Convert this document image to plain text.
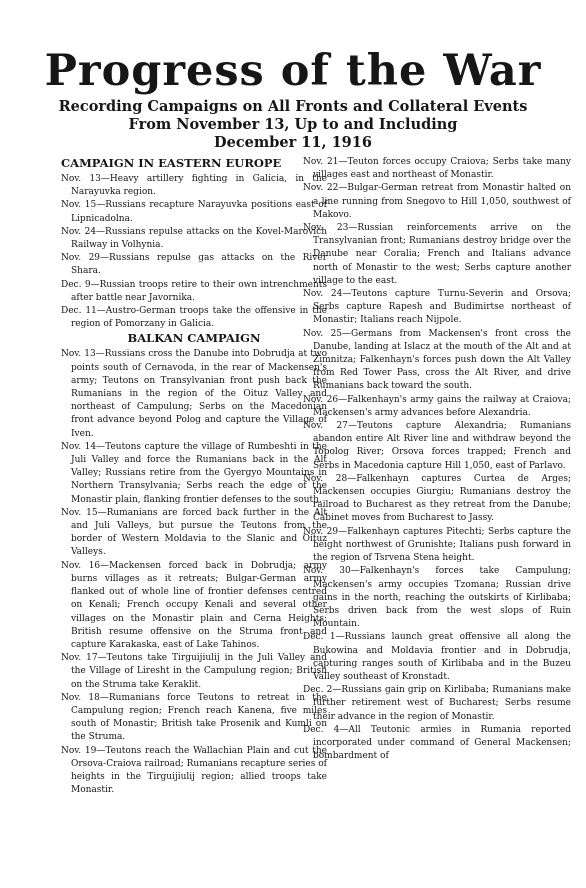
Progress of the War
Recording Campaigns on All Fronts and Collateral Events
From November 13, Up to and Including
December 11, 1916
CAMPAIGN IN EASTERN EUROPE

Nov. 13—Heavy artillery fighting in Galicia, in the Narayuvka region.

Nov. 15—Russians recapture Narayuvka positions east of Lipnicadolna.

Nov. 24—Russians repulse attacks on the Kovel-Marovich Railway in Volhynia.

Nov. 29—Russians repulse gas attacks on the River Shara.

Dec. 9—Russian troops retire to their own intrenchments after battle near Javornika.

Dec. 11—Austro-German troops take the offensive in the region of Pomorzany in Galicia.

BALKAN CAMPAIGN

Nov. 13—Russians cross the Danube into Dobrudja at two points south of Cernavoda, in the rear of Mackensen's army; Teutons on Transylvanian front push back the Rumanians in the region of the Oituz Valley and northeast of Campulung; Serbs on the Macedonian front advance beyond Polog and capture the Village of Iven.

Nov. 14—Teutons capture the village of Rumbeshti in the Juli Valley and force the Rumanians back in the Alt Valley; Russians retire from the Gyergyo Mountains in Northern Transylvania; Serbs reach the edge of the Monastir plain, flanking frontier defenses to the south.

Nov. 15—Rumanians are forced back further in the Alt and Juli Valleys, but pursue the Teutons from the border of Western Moldavia to the Slanic and Oituz Valleys.

Nov. 16—Mackensen forced back in Dobrudja; army burns villages as it retreats; Bulgar-German army flanked out of whole line of frontier defenses centred on Kenali; French occupy Kenali and several other villages on the Monastir plain and Cerna Heights; British resume offensive on the Struma front and capture Karakaska, east of Lake Tahinos.

Nov. 17—Teutons take Tirguijiulij in the Juli Valley and the Village of Liresht in the Campulung region; British on the Struma take Keraklit.

Nov. 18—Rumanians force Teutons to retreat in the Campulung region; French reach Kanena, five miles south of Monastir; British take Prosenik and Kumli on the Struma.

Nov. 19—Teutons reach the Wallachian Plain and cut the Orsova-Craiova railroad; Rumanians recapture series of heights in the Tirguijiulij region; allied troops take Monastir.

Nov. 21—Teuton forces occupy Craiova; Serbs take many villages east and northeast of Monastir.

Nov. 22—Bulgar-German retreat from Monastir halted on a line running from Snegovo to Hill 1,050, southwest of Makovo.

Nov. 23—Russian reinforcements arrive on the Transylvanian front; Rumanians destroy bridge over the Danube near Coralia; French and Italians advance north of Monastir to the west; Serbs capture another village to the east.

Nov. 24—Teutons capture Turnu-Severin and Orsova; Serbs capture Rapesh and Budimirtse northeast of Monastir; Italians reach Nijpole.

Nov. 25—Germans from Mackensen's front cross the Danube, landing at Islacz at the mouth of the Alt and at Zimnitza; Falkenhayn's forces push down the Alt Valley from Red Tower Pass, cross the Alt River, and drive Rumanians back toward the south.

Nov. 26—Falkenhayn's army gains the railway at Craiova; Mackensen's army advances before Alexandria.

Nov. 27—Teutons capture Alexandria; Rumanians abandon entire Alt River line and withdraw beyond the Topolog River; Orsova forces trapped; French and Serbs in Macedonia capture Hill 1,050, east of Parlavo.

Nov. 28—Falkenhayn captures Curtea de Arges; Mackensen occupies Giurgiu; Rumanians destroy the railroad to Bucharest as they retreat from the Danube; Cabinet moves from Bucharest to Jassy.

Nov. 29—Falkenhayn captures Pitechti; Serbs capture the height northwest of Grunishte; Italians push forward in the region of Tsrvena Stena height.

Nov. 30—Falkenhayn's forces take Campulung; Mackensen's army occupies Tzomana; Russian drive gains in the north, reaching the outskirts of Kirlibaba; Serbs driven back from the west slops of Ruin Mountain.

Dec. 1—Russians launch great offensive all along the Bukowina and Moldavia frontier and in Dobrudja, capturing ranges south of Kirlibaba and in the Buzeu Valley southeast of Kronstadt.

Dec. 2—Russians gain grip on Kirlibaba; Rumanians make further retirement west of Bucharest; Serbs resume their advance in the region of Monastir.

Dec. 4—All Teutonic armies in Rumania reported incorporated under command of General Mackensen; bombardment of
